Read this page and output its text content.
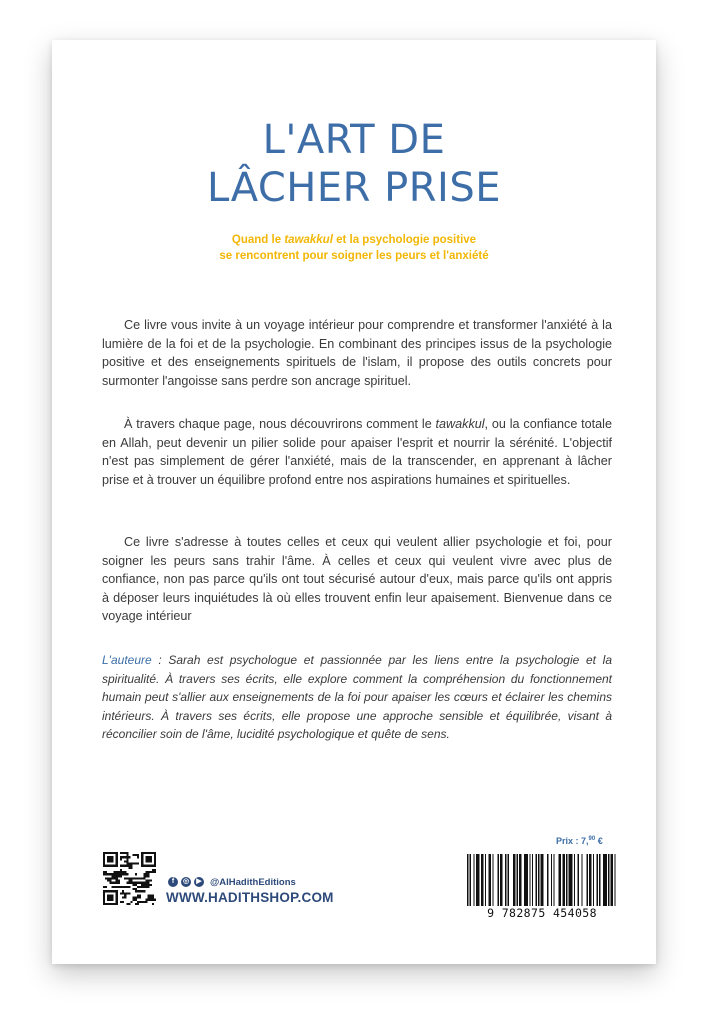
L'ART DE
LÂCHER PRISE
Quand le tawakkul et la psychologie positive
se rencontrent pour soigner les peurs et l'anxiété

Ce livre vous invite à un voyage intérieur pour comprendre et transformer l'anxiété à la lumière de la foi et de la psychologie. En combinant des principes issus de la psychologie positive et des enseignements spirituels de l'islam, il propose des outils concrets pour surmonter l'angoisse sans perdre son ancrage spirituel.

À travers chaque page, nous découvrirons comment le tawakkul, ou la confiance totale en Allah, peut devenir un pilier solide pour apaiser l'esprit et nourrir la sérénité. L'objectif n'est pas simplement de gérer l'anxiété, mais de la transcender, en apprenant à lâcher prise et à trouver un équilibre profond entre nos aspirations humaines et spirituelles.

Ce livre s'adresse à toutes celles et ceux qui veulent allier psychologie et foi, pour soigner les peurs sans trahir l'âme. À celles et ceux qui veulent vivre avec plus de confiance, non pas parce qu'ils ont tout sécurisé autour d'eux, mais parce qu'ils ont appris à déposer leurs inquiétudes là où elles trouvent enfin leur apaisement. Bienvenue dans ce voyage intérieur

L'auteure : Sarah est psychologue et passionnée par les liens entre la psychologie et la spiritualité. À travers ses écrits, elle explore comment la compréhension du fonctionnement humain peut s'allier aux enseignements de la foi pour apaiser les cœurs et éclairer les chemins intérieurs. À travers ses écrits, elle propose une approche sensible et équilibrée, visant à réconcilier soin de l'âme, lucidité psychologique et quête de sens.
f	◎	▶ @AlHadithEditions
WWW.HADITHSHOP.COM
Prix : 7,90 €
9 782875 454058
